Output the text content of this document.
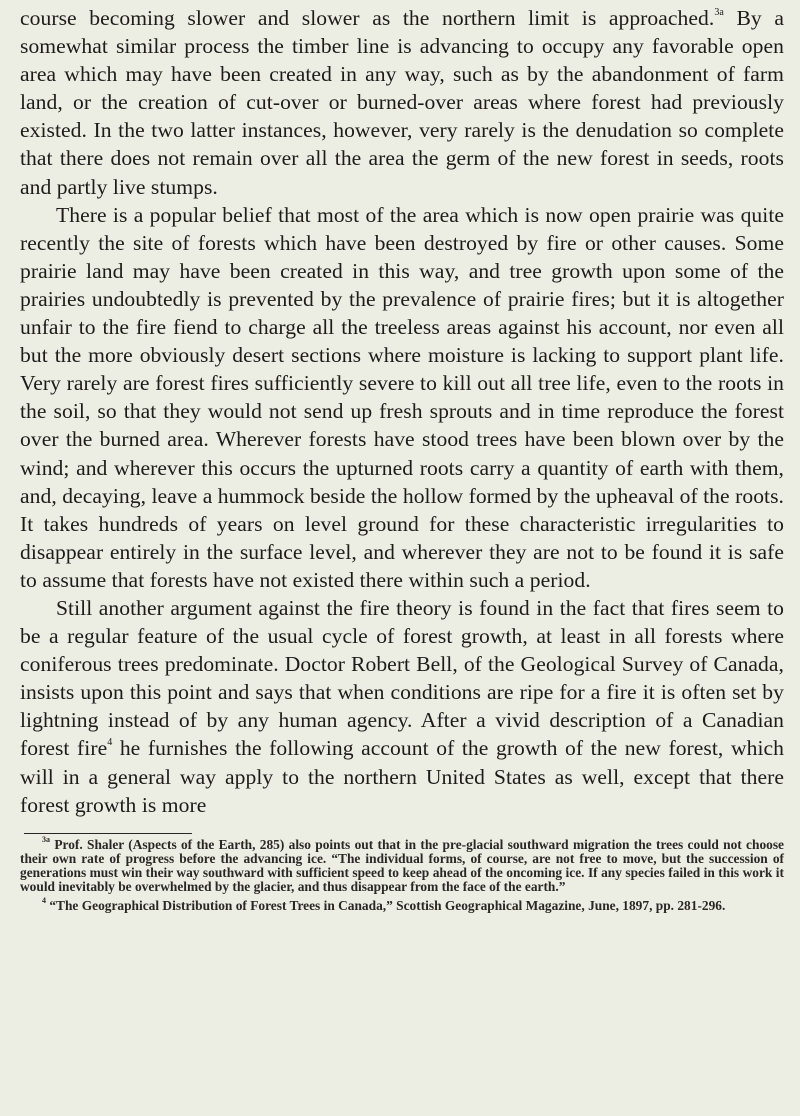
course becoming slower and slower as the northern limit is approached.$^{3a}$ By a somewhat similar process the timber line is advancing to occupy any favorable open area which may have been created in any way, such as by the abandonment of farm land, or the creation of cut-over or burned-over areas where forest had previously existed. In the two latter instances, however, very rarely is the denudation so complete that there does not remain over all the area the germ of the new forest in seeds, roots and partly live stumps.

There is a popular belief that most of the area which is now open prairie was quite recently the site of forests which have been destroyed by fire or other causes. Some prairie land may have been created in this way, and tree growth upon some of the prairies undoubtedly is prevented by the prevalence of prairie fires; but it is altogether unfair to the fire fiend to charge all the treeless areas against his account, nor even all but the more obviously desert sections where moisture is lacking to support plant life. Very rarely are forest fires sufficiently severe to kill out all tree life, even to the roots in the soil, so that they would not send up fresh sprouts and in time reproduce the forest over the burned area. Wherever forests have stood trees have been blown over by the wind; and wherever this occurs the upturned roots carry a quantity of earth with them, and, decaying, leave a hummock beside the hollow formed by the upheaval of the roots. It takes hundreds of years on level ground for these characteristic irregularities to disappear entirely in the surface level, and wherever they are not to be found it is safe to assume that forests have not existed there within such a period.

Still another argument against the fire theory is found in the fact that fires seem to be a regular feature of the usual cycle of forest growth, at least in all forests where coniferous trees predominate. Doctor Robert Bell, of the Geological Survey of Canada, insists upon this point and says that when conditions are ripe for a fire it is often set by lightning instead of by any human agency. After a vivid description of a Canadian forest fire$^4$ he furnishes the following account of the growth of the new forest, which will in a general way apply to the northern United States as well, except that there forest growth is more

$^{3a}$ Prof. Shaler (Aspects of the Earth, 285) also points out that in the pre-glacial southward migration the trees could not choose their own rate of progress before the advancing ice. “The individual forms, of course, are not free to move, but the succession of generations must win their way southward with sufficient speed to keep ahead of the oncoming ice. If any species failed in this work it would inevitably be overwhelmed by the glacier, and thus disappear from the face of the earth.”

$^4$ “The Geographical Distribution of Forest Trees in Canada,” Scottish Geographical Magazine, June, 1897, pp. 281-296.
